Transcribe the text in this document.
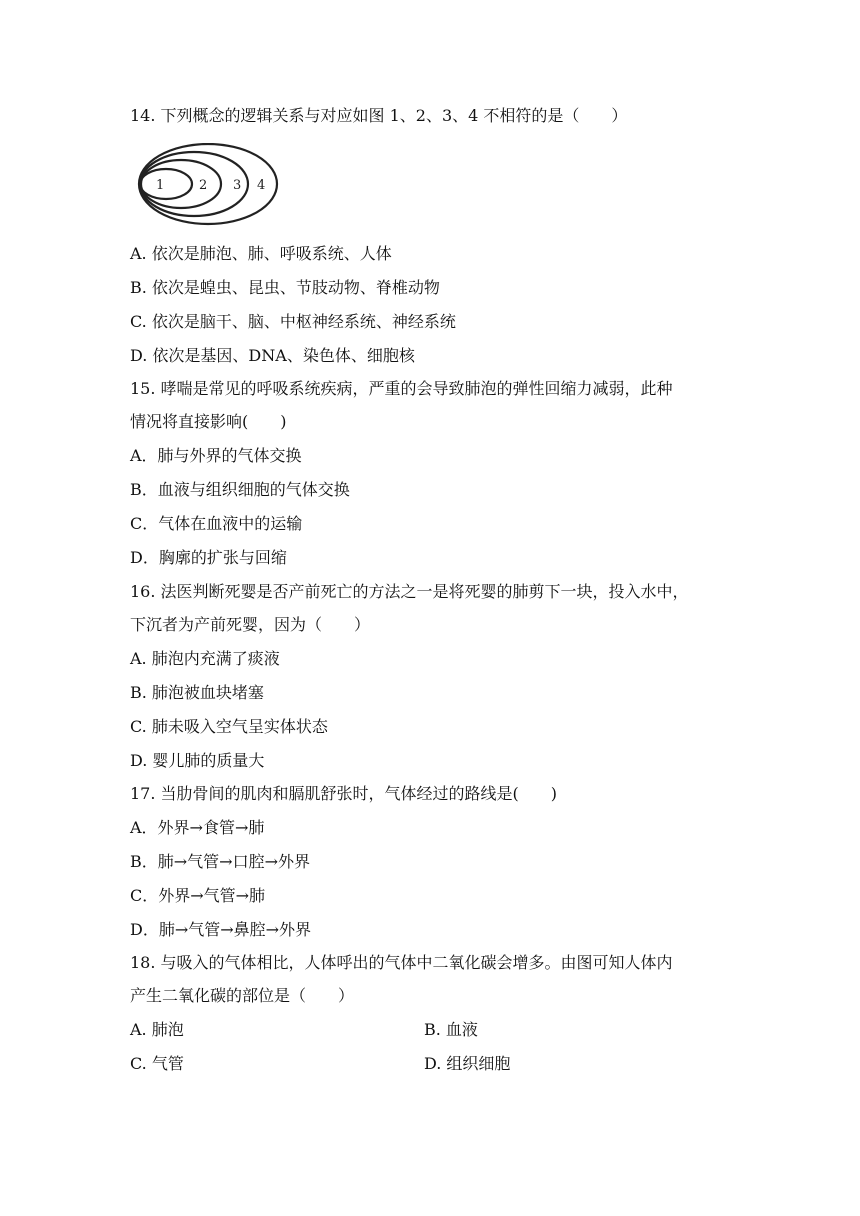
14. 下列概念的逻辑关系与对应如图 1、2、3、4 不相符的是（　　）
1	2 3 4
A. 依次是肺泡、肺、呼吸系统、人体
B. 依次是蝗虫、昆虫、节肢动物、脊椎动物
C. 依次是脑干、脑、中枢神经系统、神经系统
D. 依次是基因、DNA、染色体、细胞核
15. 哮喘是常见的呼吸系统疾病，严重的会导致肺泡的弹性回缩力减弱，此种
情况将直接影响(　　)
A．肺与外界的气体交换
B．血液与组织细胞的气体交换
C．气体在血液中的运输
D．胸廓的扩张与回缩
16. 法医判断死婴是否产前死亡的方法之一是将死婴的肺剪下一块，投入水中，
下沉者为产前死婴，因为（　　）
A. 肺泡内充满了痰液
B. 肺泡被血块堵塞
C. 肺未吸入空气呈实体状态
D. 婴儿肺的质量大
17. 当肋骨间的肌肉和膈肌舒张时，气体经过的路线是(　　)
A．外界→食管→肺
B．肺→气管→口腔→外界
C．外界→气管→肺
D．肺→气管→鼻腔→外界
18. 与吸入的气体相比，人体呼出的气体中二氧化碳会增多。由图可知人体内
产生二氧化碳的部位是（　　）
A. 肺泡	B. 血液
C. 气管	D. 组织细胞
